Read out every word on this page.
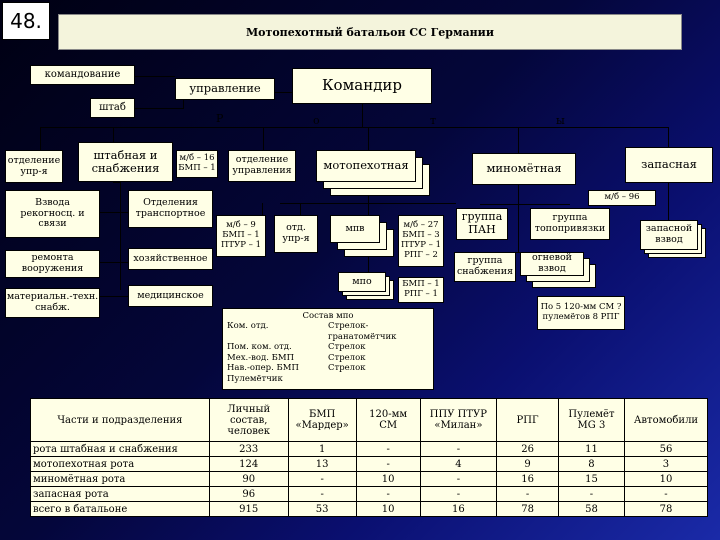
48.	Мотопехотный батальон СС Германии
командование
штаб
управление	Командир
Р	о	т	ы
отделение упр-я
штабная и снабжения
м/б – 16 БМП – 1
отделение управления	мотопехотная	миномётная	запасная
Взвода
рекогносц. и связи
ремонта вооружения
материальн.-техн. снабж.
Отделения
транспортное
хозяйственное
медицинское
м/б – 9 БМП – 1 ПТУР – 1
отд. упр-я
мпв	м/б – 27 БМП – 3 ПТУР – 1 РПГ – 2
мпо	БМП – 1 РПГ – 1
м/б – 96
группа ПАН
группа топопривязки
группа снабжения
огневой взвод
запасной взвод
По 5 120-мм СМ ? пулемётов 8 РПГ
Состав мпо
Ком. отд.	Стрелок-гранатомётчик
Пом. ком. отд.	Стрелок
Мех.-вод. БМП	Стрелок
Нав.-опер. БМП	Стрелок
Пулемётчик
Части и подразделения	Личный состав, человек	БМП «Мардер»	120-мм СМ	ППУ ПТУР «Милан»	РПГ	Пулемёт MG 3	Автомобили
рота штабная и снабжения	233	1	-	-	26	11	56
мотопехотная рота	124	13	-	4	9	8	3
миномётная рота	90	-	10	-	16	15	10
запасная рота	96	-	-	-	-	-	-
всего в батальоне	915	53	10	16	78	58	78
